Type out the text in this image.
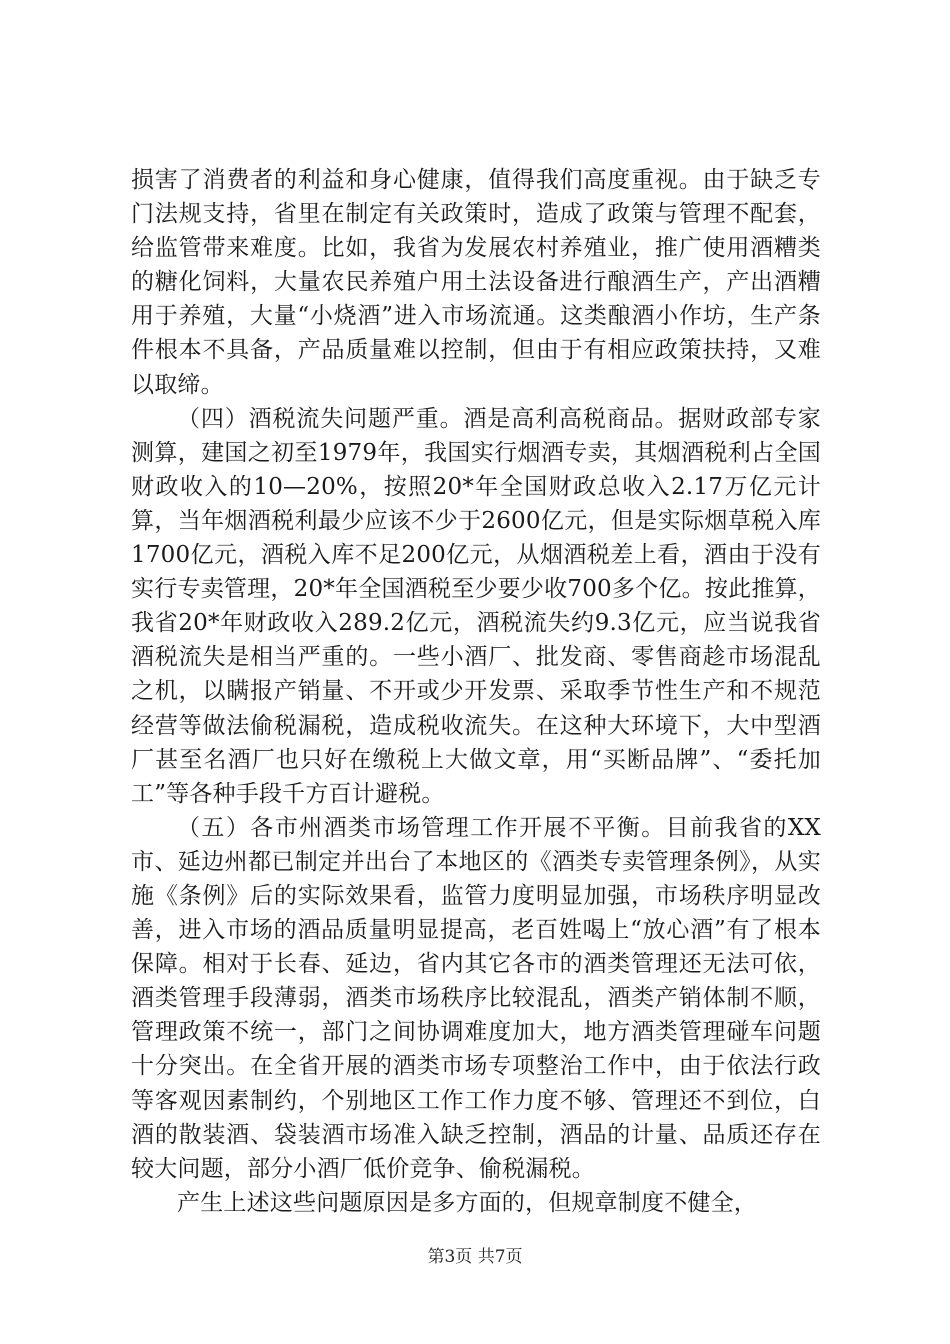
损害了消费者的利益和身心健康，值得我们高度重视。由于缺乏专门法规支持，省里在制定有关政策时，造成了政策与管理不配套，给监管带来难度。比如，我省为发展农村养殖业，推广使用酒糟类的糖化饲料，大量农民养殖户用土法设备进行酿酒生产，产出酒糟用于养殖，大量“小烧酒”进入市场流通。这类酿酒小作坊，生产条件根本不具备，产品质量难以控制，但由于有相应政策扶持，又难以取缔。

（四）酒税流失问题严重。酒是高利高税商品。据财政部专家测算，建国之初至1979年，我国实行烟酒专卖，其烟酒税利占全国财政收入的10—20%，按照20*年全国财政总收入2.17万亿元计算，当年烟酒税利最少应该不少于2600亿元，但是实际烟草税入库1700亿元，酒税入库不足200亿元，从烟酒税差上看，酒由于没有实行专卖管理，20*年全国酒税至少要少收700多个亿。按此推算，我省20*年财政收入289.2亿元，酒税流失约9.3亿元，应当说我省酒税流失是相当严重的。一些小酒厂、批发商、零售商趁市场混乱之机，以瞒报产销量、不开或少开发票、采取季节性生产和不规范经营等做法偷税漏税，造成税收流失。在这种大环境下，大中型酒厂甚至名酒厂也只好在缴税上大做文章，用“买断品牌”、“委托加工”等各种手段千方百计避税。

（五）各市州酒类市场管理工作开展不平衡。目前我省的XX市、延边州都已制定并出台了本地区的《酒类专卖管理条例》，从实施《条例》后的实际效果看，监管力度明显加强，市场秩序明显改善，进入市场的酒品质量明显提高，老百姓喝上“放心酒”有了根本保障。相对于长春、延边，省内其它各市的酒类管理还无法可依，酒类管理手段薄弱，酒类市场秩序比较混乱，酒类产销体制不顺，管理政策不统一，部门之间协调难度加大，地方酒类管理碰车问题十分突出。在全省开展的酒类市场专项整治工作中，由于依法行政等客观因素制约，个别地区工作工作力度不够、管理还不到位，白酒的散装酒、袋装酒市场准入缺乏控制，酒品的计量、品质还存在较大问题，部分小酒厂低价竞争、偷税漏税。

产生上述这些问题原因是多方面的，但规章制度不健全，

第3页 共7页
